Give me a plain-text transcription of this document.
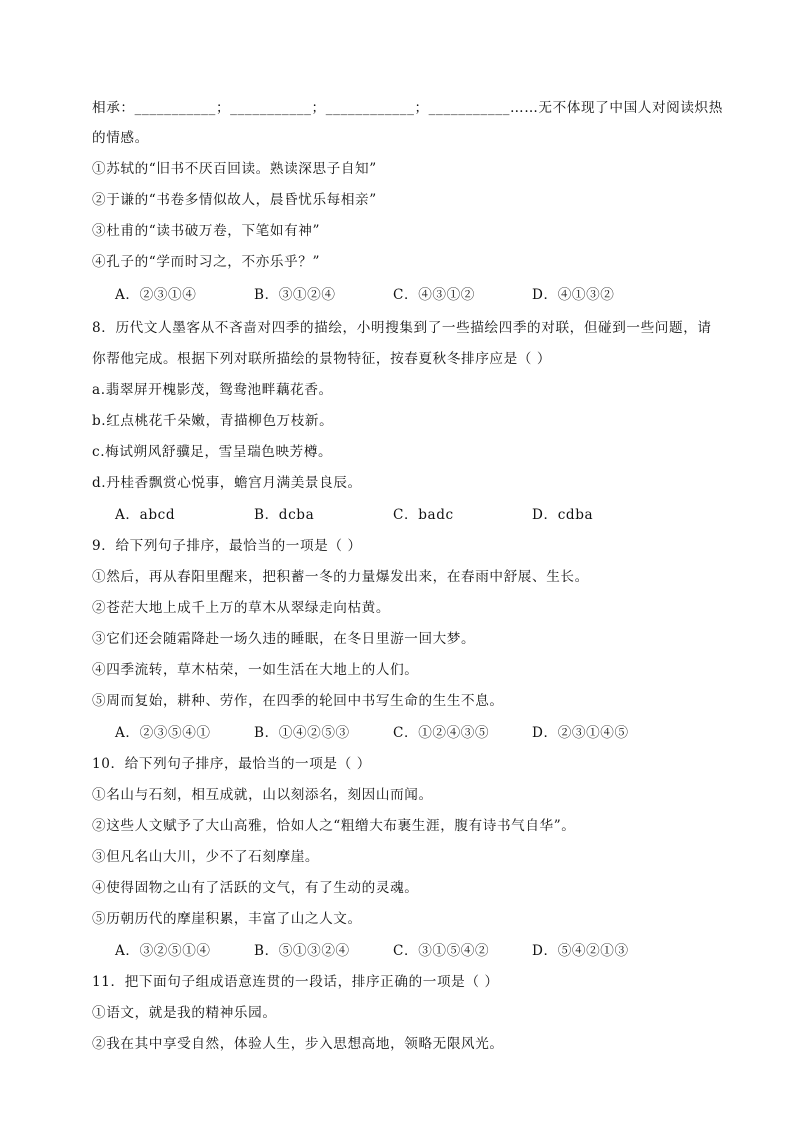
相承：___________；___________；____________；___________……无不体现了中国人对阅读炽热
的情感。
①苏轼的“旧书不厌百回读。熟读深思子自知”
②于谦的“书卷多情似故人，晨昏忧乐每相亲”
③杜甫的“读书破万卷，下笔如有神”
④孔子的“学而时习之，不亦乐乎？”
A．②③①④	B．③①②④	C．④③①②	D．④①③②
8．历代文人墨客从不吝啬对四季的描绘，小明搜集到了一些描绘四季的对联，但碰到一些问题，请
你帮他完成。根据下列对联所描绘的景物特征，按春夏秋冬排序应是（ ）
a.翡翠屏开槐影茂，鸳鸯池畔藕花香。
b.红点桃花千朵嫩，青描柳色万枝新。
c.梅试朔风舒骥足，雪呈瑞色映芳樽。
d.丹桂香飘赏心悦事，蟾宫月满美景良辰。
A．abcd	B．dcba	C．badc	D．cdba
9．给下列句子排序，最恰当的一项是（ ）
①然后，再从春阳里醒来，把积蓄一冬的力量爆发出来，在春雨中舒展、生长。
②苍茫大地上成千上万的草木从翠绿走向枯黄。
③它们还会随霜降赴一场久违的睡眠，在冬日里游一回大梦。
④四季流转，草木枯荣，一如生活在大地上的人们。
⑤周而复始，耕种、劳作，在四季的轮回中书写生命的生生不息。
A．②③⑤④①	B．①④②⑤③	C．①②④③⑤	D．②③①④⑤
10．给下列句子排序，最恰当的一项是（ ）
①名山与石刻，相互成就，山以刻添名，刻因山而闻。
②这些人文赋予了大山高雅，恰如人之“粗缯大布裹生涯，腹有诗书气自华”。
③但凡名山大川，少不了石刻摩崖。
④使得固物之山有了活跃的文气，有了生动的灵魂。
⑤历朝历代的摩崖积累，丰富了山之人文。
A．③②⑤①④	B．⑤①③②④	C．③①⑤④②	D．⑤④②①③
11．把下面句子组成语意连贯的一段话，排序正确的一项是（ ）
①语文，就是我的精神乐园。
②我在其中享受自然，体验人生，步入思想高地，领略无限风光。
